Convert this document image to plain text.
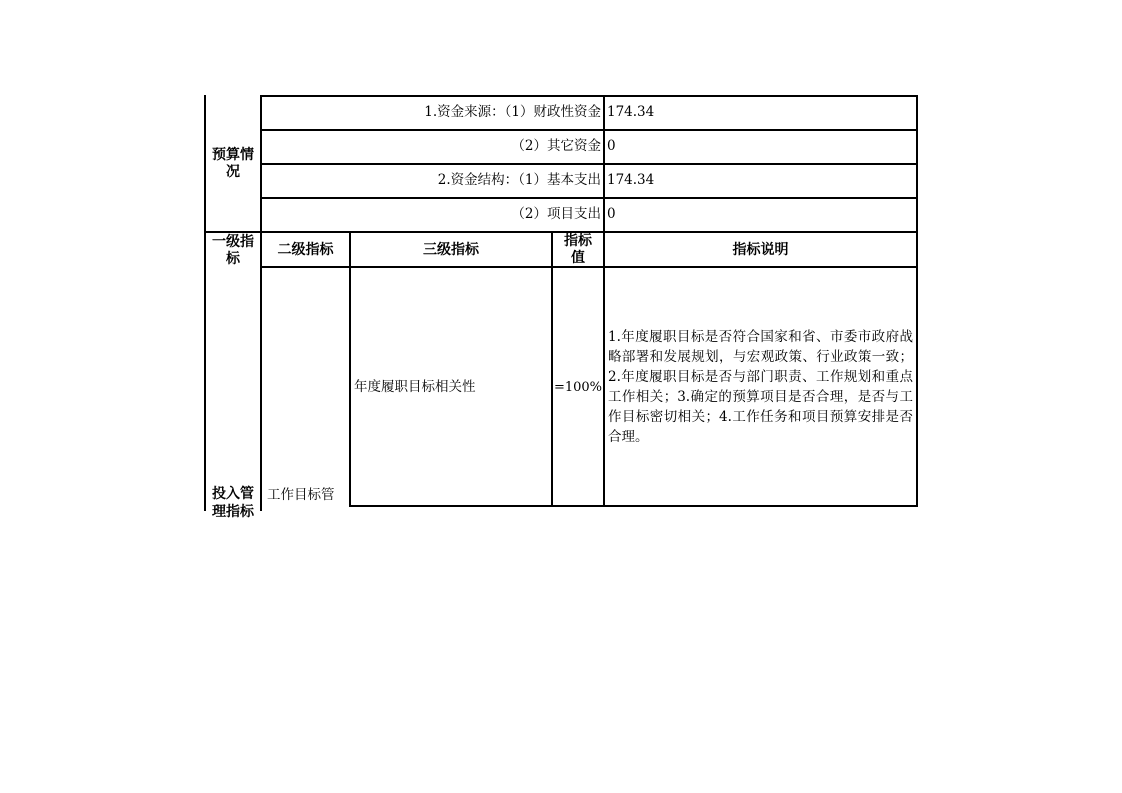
预算情况
1.资金来源：（1）财政性资金 174.34
（2）其它资金 0
2.资金结构：（1）基本支出 174.34
（2）项目支出 0
一级指标
二级指标	三级指标
指标值
指标说明
投入管理指标
工作目标管
年度履职目标相关性	=100%
1.年度履职目标是否符合国家和省、市委市政府战略部署和发展规划，与宏观政策、行业政策一致；2.年度履职目标是否与部门职责、工作规划和重点工作相关；3.确定的预算项目是否合理，是否与工作目标密切相关；4.工作任务和项目预算安排是否合理。
